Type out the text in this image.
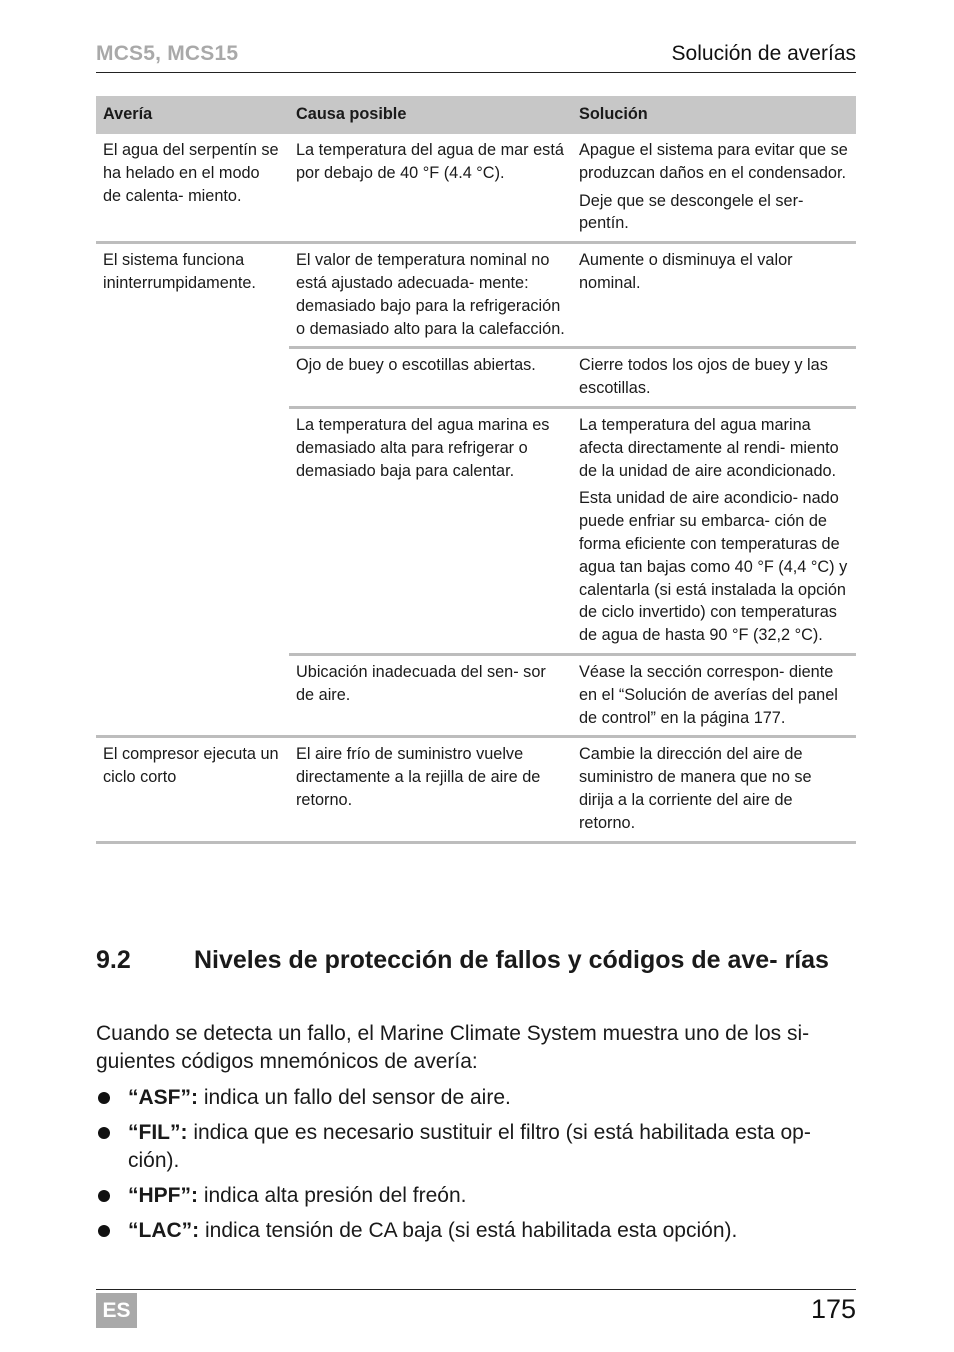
MCS5, MCS15	Solución de averías
Avería	Causa posible	Solución
El agua del serpentín se ha helado en el modo de calenta- miento.	La temperatura del agua de mar está por debajo de 40 °F (4.4 °C).	Apague el sistema para evitar que se produzcan daños en el condensador.
Deje que se descongele el ser- pentín.

El sistema funciona ininterrumpidamente.	El valor de temperatura nominal no está ajustado adecuada- mente: demasiado bajo para la refrigeración o demasiado alto para la calefacción.	Aumente o disminuya el valor nominal.

	Ojo de buey o escotillas abiertas.	Cierre todos los ojos de buey y las escotillas.

	La temperatura del agua marina es demasiado alta para refrigerar o demasiado baja para calentar.	La temperatura del agua marina afecta directamente al rendi- miento de la unidad de aire acondicionado.
Esta unidad de aire acondicio- nado puede enfriar su embarca- ción de forma eficiente con temperaturas de agua tan bajas como 40 °F (4,4 °C) y calentarla (si está instalada la opción de ciclo invertido) con temperaturas de agua de hasta 90 °F (32,2 °C).

	Ubicación inadecuada del sen- sor de aire.	Véase la sección correspon- diente en el “Solución de averías del panel de control” en la página 177.

El compresor ejecuta un ciclo corto	El aire frío de suministro vuelve directamente a la rejilla de aire de retorno.	Cambie la dirección del aire de suministro de manera que no se dirija a la corriente del aire de retorno.
9.2	Niveles de protección de fallos y códigos de ave- rías
Cuando se detecta un fallo, el Marine Climate System muestra uno de los si- guientes códigos mnemónicos de avería:
“ASF”: indica un fallo del sensor de aire.
“FIL”: indica que es necesario sustituir el filtro (si está habilitada esta op- ción).
“HPF”: indica alta presión del freón.
“LAC”: indica tensión de CA baja (si está habilitada esta opción).
ES	175
